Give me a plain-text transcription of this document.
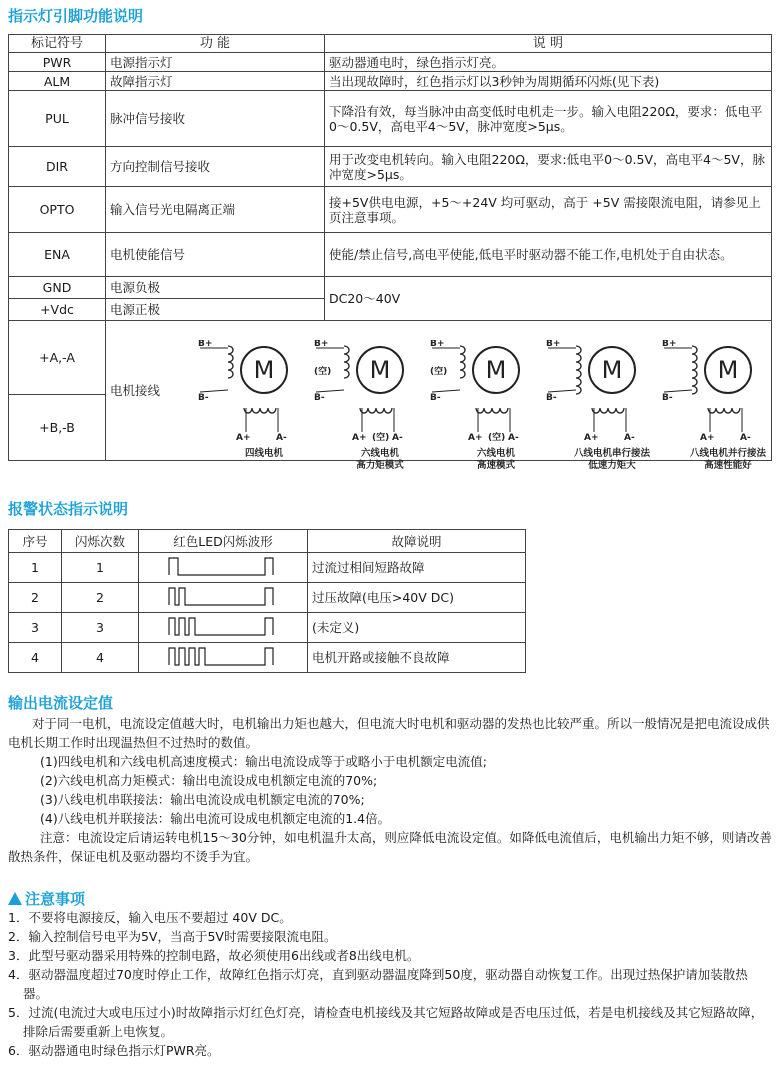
指示灯引脚功能说明
标记符号	功 能	说 明
PWR	电源指示灯	驱动器通电时，绿色指示灯亮。
ALM	故障指示灯	当出现故障时，红色指示灯以3秒钟为周期循环闪烁(见下表)
PUL	脉冲信号接收	下降沿有效，每当脉冲由高变低时电机走一步。输入电阻220Ω，要求：低电平0～0.5V，高电平4～5V，脉冲宽度>5μs。
DIR	方向控制信号接收	用于改变电机转向。输入电阻220Ω，要求:低电平0～0.5V，高电平4～5V，脉冲宽度>5μs。
OPTO	输入信号光电隔离正端	接+5V供电电源，+5～+24V 均可驱动，高于 +5V 需接限流电阻，请参见上页注意事项。
ENA	电机使能信号	使能/禁止信号,高电平使能,低电平时驱动器不能工作,电机处于自由状态。
GND	电源负极	DC20～40V
+Vdc	电源正极	
+A,-A	电机接线	
+B,-B		
M
B+
B-
A+	A-
四线电机
M
B+
B-
A+	A-
(空)
(空)
六线电机
高力矩模式
M
B+
B-
A+	A-
(空)
(空)
六线电机
高速模式
M
B+
B-
A+	A-
八线电机串行接法
低速力矩大
M
B+
B-
A+	A-
八线电机并行接法
高速性能好
报警状态指示说明
序号	闪烁次数	红色LED闪烁波形	故障说明
1	1		过流过相间短路故障
2	2		过压故障(电压>40V DC)
3	3		(未定义)
4	4		电机开路或接触不良故障
输出电流设定值
对于同一电机，电流设定值越大时，电机输出力矩也越大，但电流大时电机和驱动器的发热也比较严重。所以一般情况是把电流设成供电机长期工作时出现温热但不过热时的数值。
(1)四线电机和六线电机高速度模式：输出电流设成等于或略小于电机额定电流值;
(2)六线电机高力矩模式：输出电流设成电机额定电流的70%;
(3)八线电机串联接法：输出电流设成电机额定电流的70%;
(4)八线电机并联接法：输出电流可设成电机额定电流的1.4倍。
注意：电流设定后请运转电机15～30分钟，如电机温升太高，则应降低电流设定值。如降低电流值后，电机输出力矩不够，则请改善散热条件，保证电机及驱动器均不烫手为宜。
注意事项
1．不要将电源接反，输入电压不要超过 40V DC。
2．输入控制信号电平为5V，当高于5V时需要接限流电阻。
3．此型号驱动器采用特殊的控制电路，故必须使用6出线或者8出线电机。
4．驱动器温度超过70度时停止工作，故障红色指示灯亮，直到驱动器温度降到50度，驱动器自动恢复工作。出现过热保护请加装散热器。
5．过流(电流过大或电压过小)时故障指示灯红色灯亮，请检查电机接线及其它短路故障或是否电压过低，若是电机接线及其它短路故障，排除后需要重新上电恢复。
6．驱动器通电时绿色指示灯PWR亮。
